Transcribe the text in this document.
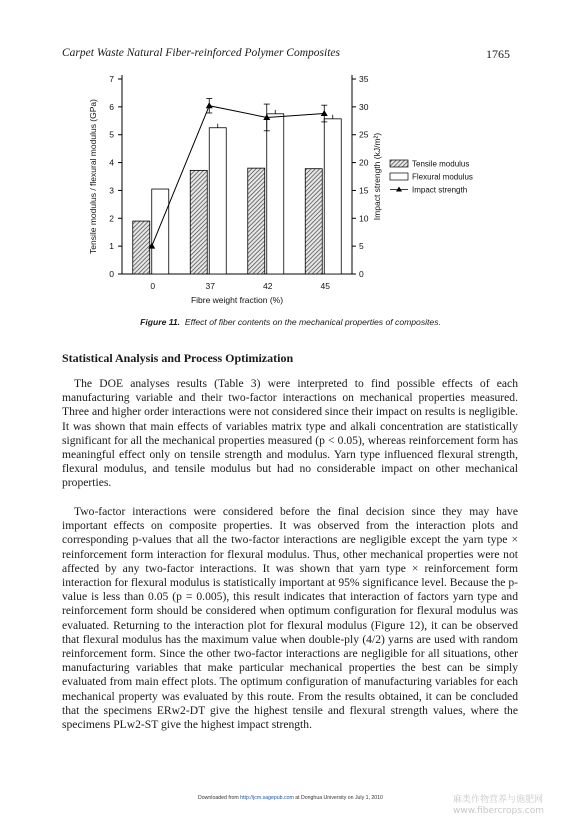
Carpet Waste Natural Fiber-reinforced Polymer Composites	1765
0
1
2
3
4
5
6
7
0
5
10
15
20
25
30
35
0	37	42	45
Fibre weight fraction (%)
Tensile modulus / flexural modulus (GPa)	Impact strength (kJ/m²)	Tensile modulus
Flexural modulus
Impact strength
Figure 11. Effect of fiber contents on the mechanical properties of composites.
Statistical Analysis and Process Optimization

The DOE analyses results (Table 3) were interpreted to find possible effects of each manufacturing variable and their two-factor interactions on mechanical properties measured. Three and higher order interactions were not considered since their impact on results is negligible. It was shown that main effects of variables matrix type and alkali concentration are statistically significant for all the mechanical properties measured (p < 0.05), whereas reinforcement form has meaningful effect only on tensile strength and modulus. Yarn type influenced flexural strength, flexural modulus, and tensile modulus but had no considerable impact on other mechanical properties.

Two-factor interactions were considered before the final decision since they may have important effects on composite properties. It was observed from the interaction plots and corresponding p-values that all the two-factor interactions are negligible except the yarn type × reinforcement form interaction for flexural modulus. Thus, other mechanical properties were not affected by any two-factor interactions. It was shown that yarn type × reinforcement form interaction for flexural modulus is statistically important at 95% significance level. Because the p-value is less than 0.05 (p = 0.005), this result indicates that interaction of factors yarn type and reinforcement form should be considered when optimum configuration for flexural modulus was evaluated. Returning to the interaction plot for flexural modulus (Figure 12), it can be observed that flexural modulus has the maximum value when double-ply (4/2) yarns are used with random reinforcement form. Since the other two-factor interactions are negligible for all situations, other manufacturing variables that make particular mechanical properties the best can be simply evaluated from main effect plots. The optimum configuration of manufacturing variables for each mechanical property was evaluated by this route. From the results obtained, it can be concluded that the specimens ERw2-DT give the highest tensile and flexural strength values, where the specimens PLw2-ST give the highest impact strength.

Downloaded from http://jcm.sagepub.com at Donghua University on July 1, 2010	麻类作物营养与施肥网
www.fibercrops.com
